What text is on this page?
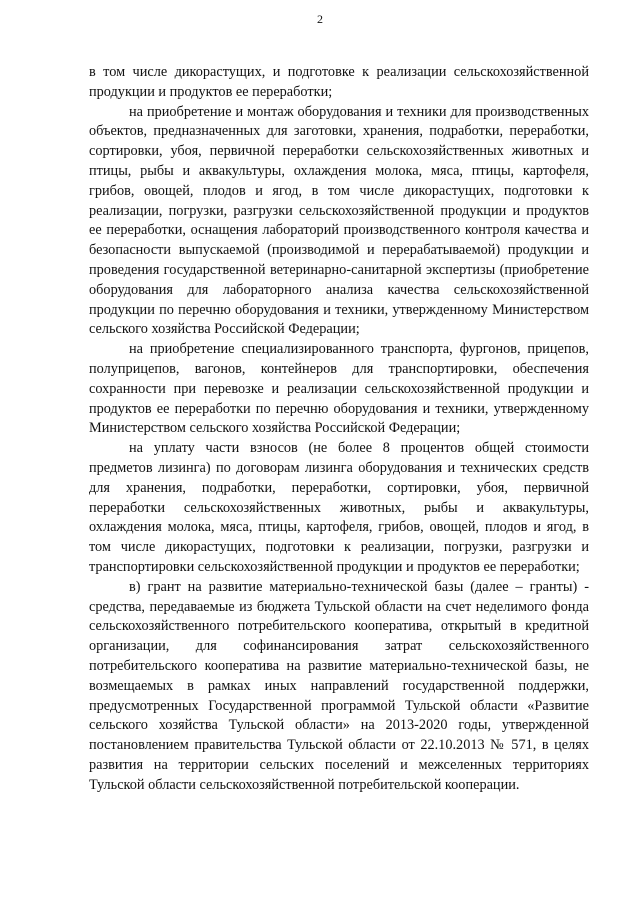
2

в том числе дикорастущих, и подготовке к реализации сельскохозяйственной продукции и продуктов ее переработки;

на приобретение и монтаж оборудования и техники для производственных объектов, предназначенных для заготовки, хранения, подработки, переработки, сортировки, убоя, первичной переработки сельскохозяйственных животных и птицы, рыбы и аквакультуры, охлаждения молока, мяса, птицы, картофеля, грибов, овощей, плодов и ягод, в том числе дикорастущих, подготовки к реализации, погрузки, разгрузки сельскохозяйственной продукции и продуктов ее переработки, оснащения лабораторий производственного контроля качества и безопасности выпускаемой (производимой и перерабатываемой) продукции и проведения государственной ветеринарно-санитарной экспертизы (приобретение оборудования для лабораторного анализа качества сельскохозяйственной продукции по перечню оборудования и техники, утвержденному Министерством сельского хозяйства Российской Федерации;

на приобретение специализированного транспорта, фургонов, прицепов, полуприцепов, вагонов, контейнеров для транспортировки, обеспечения сохранности при перевозке и реализации сельскохозяйственной продукции и продуктов ее переработки по перечню оборудования и техники, утвержденному Министерством сельского хозяйства Российской Федерации;

на уплату части взносов (не более 8 процентов общей стоимости предметов лизинга) по договорам лизинга оборудования и технических средств для хранения, подработки, переработки, сортировки, убоя, первичной переработки сельскохозяйственных животных, рыбы и аквакультуры, охлаждения молока, мяса, птицы, картофеля, грибов, овощей, плодов и ягод, в том числе дикорастущих, подготовки к реализации, погрузки, разгрузки и транспортировки сельскохозяйственной продукции и продуктов ее переработки;

в) грант на развитие материально-технической базы (далее – гранты) - средства, передаваемые из бюджета Тульской области на счет неделимого фонда сельскохозяйственного потребительского кооператива, открытый в кредитной организации, для софинансирования затрат сельскохозяйственного потребительского кооператива на развитие материально-технической базы, не возмещаемых в рамках иных направлений государственной поддержки, предусмотренных Государственной программой Тульской области «Развитие сельского хозяйства Тульской области» на 2013-2020 годы, утвержденной постановлением правительства Тульской области от 22.10.2013 № 571, в целях развития на территории сельских поселений и межселенных территориях Тульской области сельскохозяйственной потребительской кооперации.
